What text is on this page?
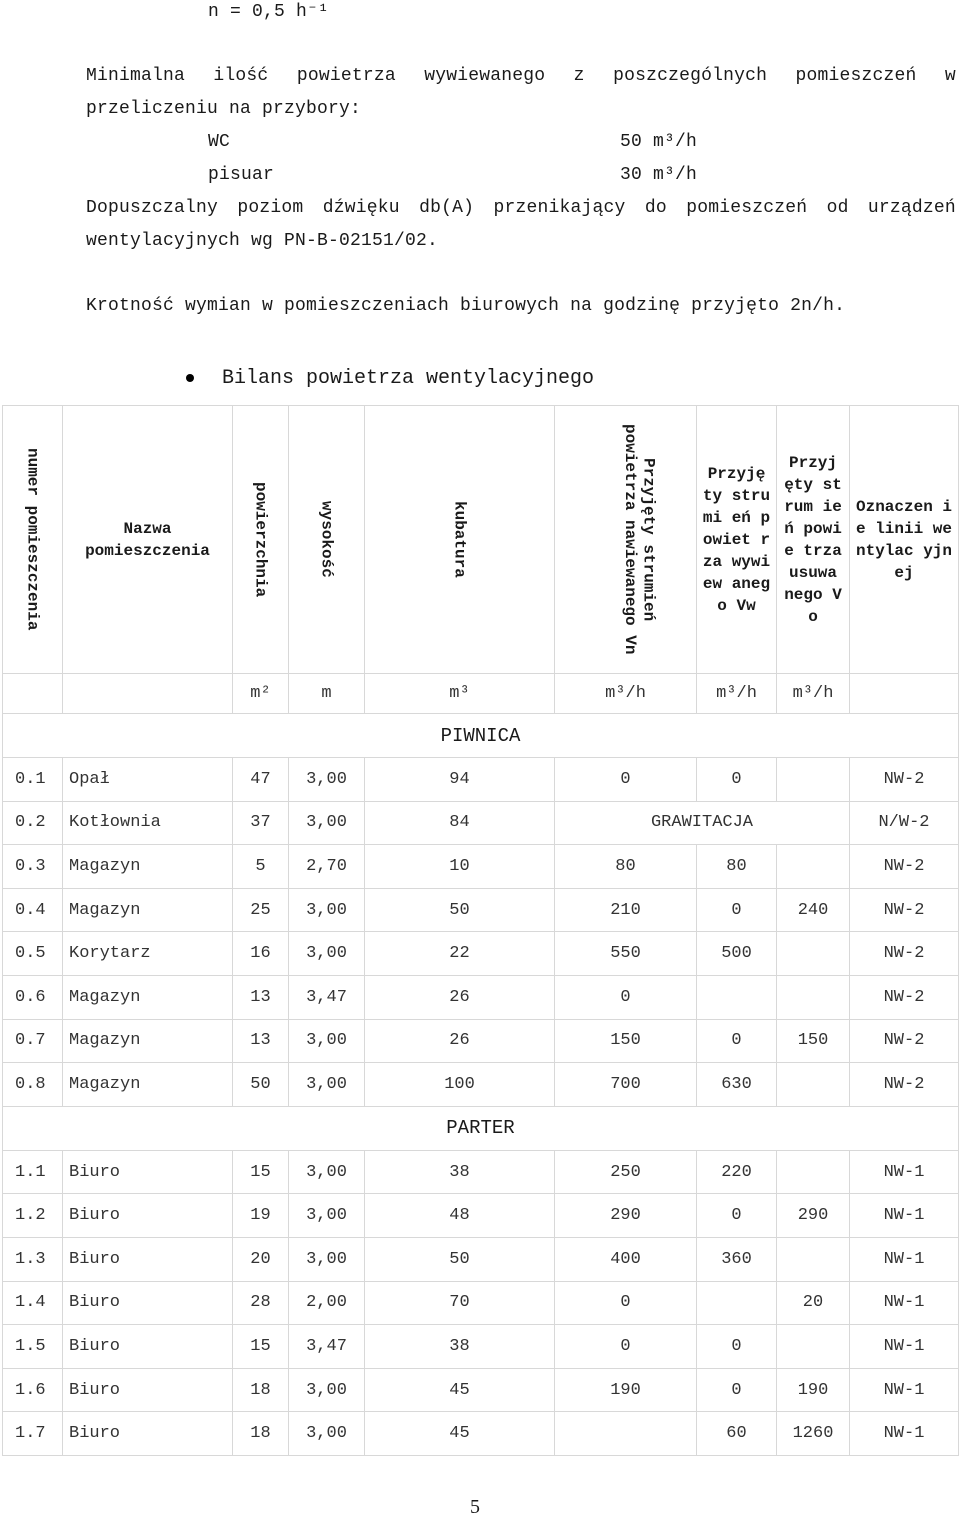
n = 0,5 h⁻¹
Minimalna ilość powietrza wywiewanego z poszczególnych pomieszczeń w
przeliczeniu na przybory:
WC	50 m³/h
pisuar	30 m³/h
Dopuszczalny poziom dźwięku db(A) przenikający do pomieszczeń od urządzeń
wentylacyjnych wg PN-B-02151/02.
Krotność wymian w pomieszczeniach biurowych na godzinę przyjęto 2n/h.
Bilans powietrza wentylacyjnego
numer pomieszczenia	Nazwa pomieszczenia	powierzchnia	wysokość	kubatura	Przyjęty strumień powietrza nawiewanego Vn	Przyję ty strumi eń powiet rza wywiew anego Vw	Przyj ęty strum ień powie trza usuwa nego Vo	Oznaczen ie linii wentylac yjnej

		m²	m	m³	m³/h	m³/h	m³/h	
PIWNICA								
0.1	Opał	47	3,00	94	0	0		NW-2
0.2	Kotłownia	37	3,00	84	GRAWITACJA			N/W-2
0.3	Magazyn	5	2,70	10	80	80		NW-2
0.4	Magazyn	25	3,00	50	210	0	240	NW-2
0.5	Korytarz	16	3,00	22	550	500		NW-2
0.6	Magazyn	13	3,47	26	0			NW-2
0.7	Magazyn	13	3,00	26	150	0	150	NW-2
0.8	Magazyn	50	3,00	100	700	630		NW-2
PARTER								
1.1	Biuro	15	3,00	38	250	220		NW-1
1.2	Biuro	19	3,00	48	290	0	290	NW-1
1.3	Biuro	20	3,00	50	400	360		NW-1
1.4	Biuro	28	2,00	70	0		20	NW-1
1.5	Biuro	15	3,47	38	0	0		NW-1
1.6	Biuro	18	3,00	45	190	0	190	NW-1
1.7	Biuro	18	3,00	45		60	1260	NW-1
5
